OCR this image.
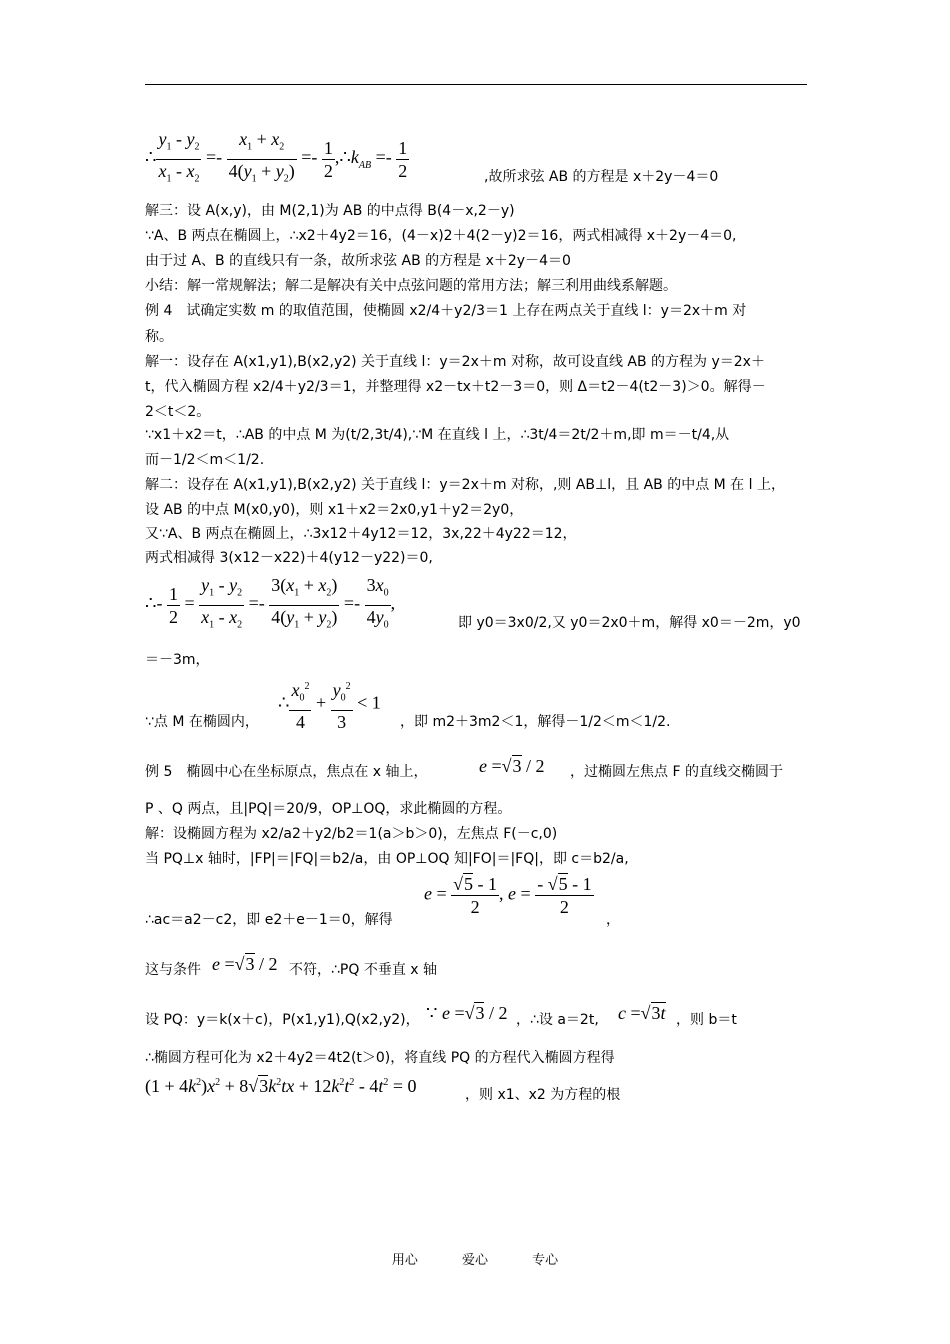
∴ $\frac{y_1 - y_2}{x_1 - x_2} =- \frac{x_1 + x_2}{4(y_1 + y_2)} =- \frac{1}{2}$ $,\therefore k_{AB} =- \frac{1}{2}$	,故所求弦 AB 的方程是 x＋2y－4＝0
解三：设 A(x,y)，由 M(2,1)为 AB 的中点得 B(4－x,2－y)
∵A、B 两点在椭圆上，∴x2＋4y2＝16，(4－x)2＋4(2－y)2＝16，两式相减得 x＋2y－4＝0,
由于过 A、B 的直线只有一条，故所求弦 AB 的方程是 x＋2y－4＝0
小结：解一常规解法；解二是解决有关中点弦问题的常用方法；解三利用曲线系解题。
例 4　试确定实数 m 的取值范围，使椭圆 x2/4＋y2/3＝1 上存在两点关于直线 l：y＝2x＋m 对
称。
解一：设存在 A(x1,y1),B(x2,y2) 关于直线 l：y＝2x＋m 对称，故可设直线 AB 的方程为 y＝2x＋
t，代入椭圆方程 x2/4＋y2/3＝1，并整理得 x2－tx＋t2－3＝0，则 Δ＝t2－4(t2－3)＞0。解得－
2＜t＜2。
∵x1＋x2＝t，∴AB 的中点 M 为(t/2,3t/4),∵M 在直线 l 上，∴3t/4＝2t/2＋m,即 m＝－t/4,从
而－1/2＜m＜1/2.
解二：设存在 A(x1,y1),B(x2,y2) 关于直线 l：y＝2x＋m 对称，,则 AB⊥l，且 AB 的中点 M 在 l 上，
设 AB 的中点 M(x0,y0)，则 x1＋x2＝2x0,y1＋y2＝2y0，
又∵A、B 两点在椭圆上，∴3x12＋4y12＝12，3x,22＋4y22＝12，
两式相减得 3(x12－x22)＋4(y12－y22)＝0,
∴- $\frac{1}{2} = \frac{y_1 - y_2}{x_1 - x_2} =- \frac{3(x_1 + x_2)}{4(y_1 + y_2)} =- \frac{3x_0}{4y_0}$ ,
即 y0＝3x0/2,又 y0＝2x0＋m，解得 x0＝－2m，y0
＝－3m，
∵点 M 在椭圆内，
∴ $\frac{x_0^2}{4} + \frac{y_0^2}{3} < 1$
，即 m2＋3m2＜1，解得－1/2＜m＜1/2.
例 5　椭圆中心在坐标原点，焦点在 x 轴上，	e =√3 / 2 ，过椭圆左焦点 F 的直线交椭圆于
P 、Q 两点，且|PQ|＝20/9，OP⊥OQ，求此椭圆的方程。
解：设椭圆方程为 x2/a2＋y2/b2＝1(a＞b＞0)，左焦点 F(－c,0)
当 PQ⊥x 轴时，|FP|＝|FQ|＝b2/a，由 OP⊥OQ 知|FO|＝|FQ|，即 c＝b2/a,
∴ac＝a2－c2，即 e2＋e－1＝0，解得
$e = \frac{√5 - 1}{2}$ , $e = \frac{- √5 - 1}{2}$
，
这与条件 e =√3 / 2 不符，∴PQ 不垂直 x 轴
设 PQ：y＝k(x＋c)，P(x1,y1),Q(x2,y2)， ∵ e =√3 / 2 ，∴设 a＝2t, c =√3t ，则 b＝t
∴椭圆方程可化为 x2＋4y2＝4t2(t＞0)，将直线 PQ 的方程代入椭圆方程得
$(1 + 4k^2)x^2 + 8√3k^2tx + 12k^2t^2 - 4t^2 = 0$	，则 x1、x2 为方程的根
用心	爱心	专心
